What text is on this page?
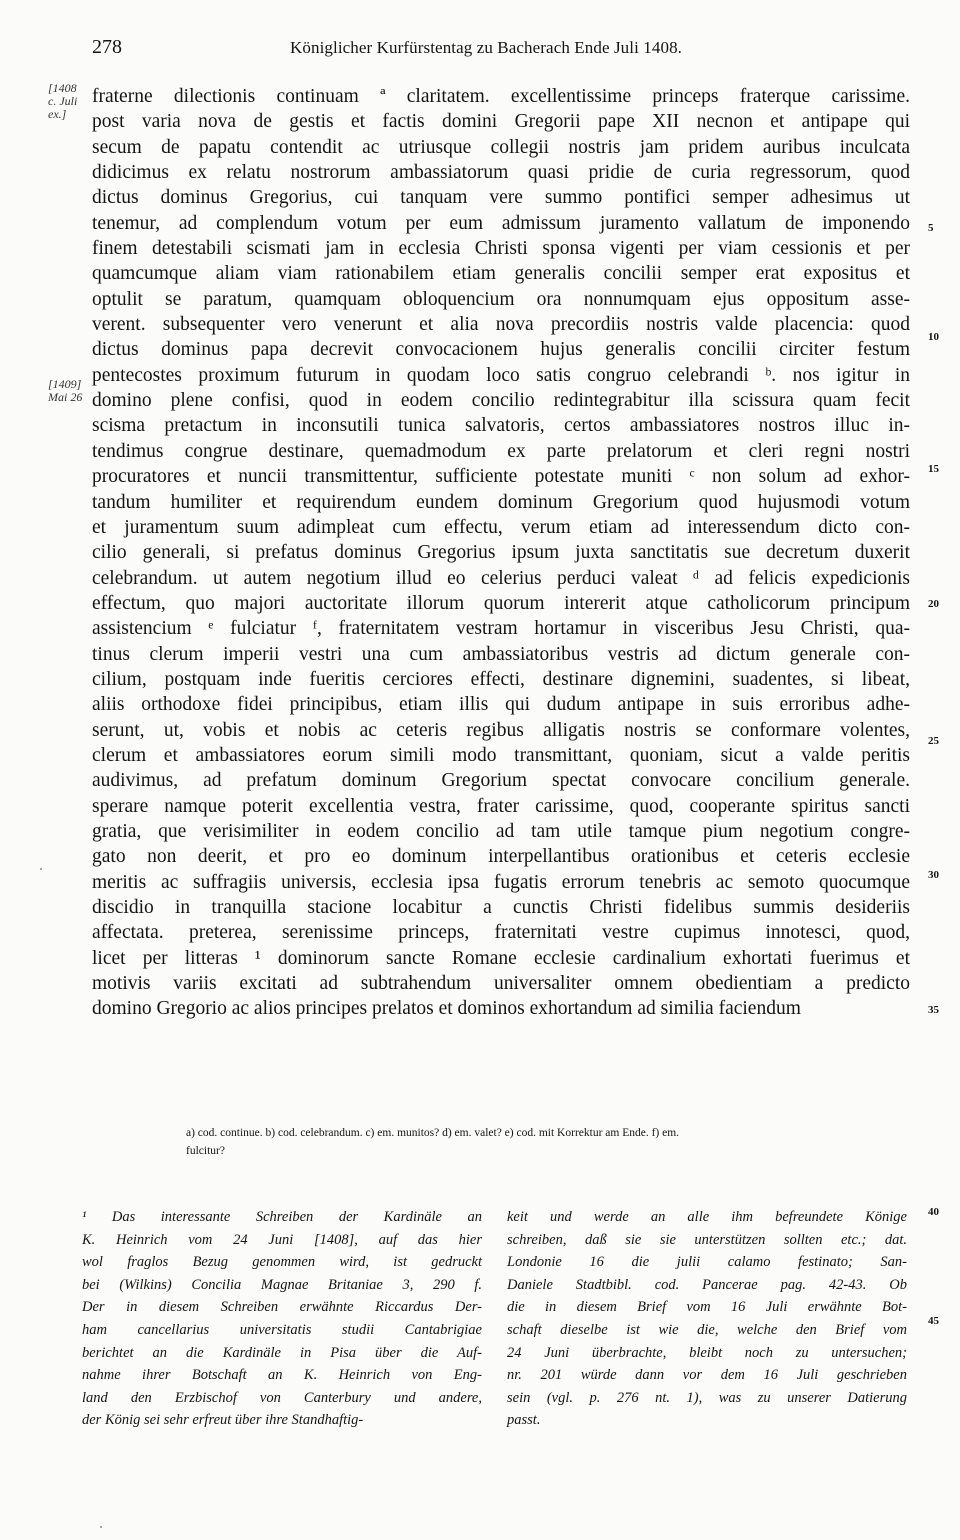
278	Königlicher Kurfürstentag zu Bacherach Ende Juli 1408.
[1408
c. Juli
ex.]
[1409]
Mai 26
fraterne dilectionis continuam ª claritatem. excellentissime princeps fraterque carissime.
post varia nova de gestis et factis domini Gregorii pape XII necnon et antipape qui
secum de papatu contendit ac utriusque collegii nostris jam pridem auribus inculcata
didicimus ex relatu nostrorum ambassiatorum quasi pridie de curia regressorum, quod
dictus dominus Gregorius, cui tanquam vere summo pontifici semper adhesimus ut
tenemur, ad complendum votum per eum admissum juramento vallatum de imponendo
finem detestabili scismati jam in ecclesia Christi sponsa vigenti per viam cessionis et per
quamcumque aliam viam rationabilem etiam generalis concilii semper erat expositus et
optulit se paratum, quamquam obloquencium ora nonnumquam ejus oppositum asse-
verent. subsequenter vero venerunt et alia nova precordiis nostris valde placencia: quod
dictus dominus papa decrevit convocacionem hujus generalis concilii circiter festum
pentecostes proximum futurum in quodam loco satis congruo celebrandi ᵇ. nos igitur in
domino plene confisi, quod in eodem concilio redintegrabitur illa scissura quam fecit
scisma pretactum in inconsutili tunica salvatoris, certos ambassiatores nostros illuc in-
tendimus congrue destinare, quemadmodum ex parte prelatorum et cleri regni nostri
procuratores et nuncii transmittentur, sufficiente potestate muniti ᶜ non solum ad exhor-
tandum humiliter et requirendum eundem dominum Gregorium quod hujusmodi votum
et juramentum suum adimpleat cum effectu, verum etiam ad interessendum dicto con-
cilio generali, si prefatus dominus Gregorius ipsum juxta sanctitatis sue decretum duxerit
celebrandum. ut autem negotium illud eo celerius perduci valeat ᵈ ad felicis expedicionis
effectum, quo majori auctoritate illorum quorum intererit atque catholicorum principum
assistencium ᵉ fulciatur ᶠ, fraternitatem vestram hortamur in visceribus Jesu Christi, qua-
tinus clerum imperii vestri una cum ambassiatoribus vestris ad dictum generale con-
cilium, postquam inde fueritis cerciores effecti, destinare dignemini, suadentes, si libeat,
aliis orthodoxe fidei principibus, etiam illis qui dudum antipape in suis erroribus adhe-
serunt, ut, vobis et nobis ac ceteris regibus alligatis nostris se conformare volentes,
clerum et ambassiatores eorum simili modo transmittant, quoniam, sicut a valde peritis
audivimus, ad prefatum dominum Gregorium spectat convocare concilium generale.
sperare namque poterit excellentia vestra, frater carissime, quod, cooperante spiritus sancti
gratia, que verisimiliter in eodem concilio ad tam utile tamque pium negotium congre-
gato non deerit, et pro eo dominum interpellantibus orationibus et ceteris ecclesie
meritis ac suffragiis universis, ecclesia ipsa fugatis errorum tenebris ac semoto quocumque
discidio in tranquilla stacione locabitur a cunctis Christi fidelibus summis desideriis
affectata. preterea, serenissime princeps, fraternitati vestre cupimus innotesci, quod,
licet per litteras ¹ dominorum sancte Romane ecclesie cardinalium exhortati fuerimus et
motivis variis excitati ad subtrahendum universaliter omnem obedientiam a predicto
domino Gregorio ac alios principes prelatos et dominos exhortandum ad similia faciendum
5
10
15
20
25
30
35
40
45
a) cod. continue. b) cod. celebrandum. c) em. munitos? d) em. valet? e) cod. mit Korrektur am Ende. f) em.
fulcitur?
¹ Das interessante Schreiben der Kardinäle an
K. Heinrich vom 24 Juni [1408], auf das hier
wol fraglos Bezug genommen wird, ist gedruckt
bei (Wilkins) Concilia Magnae Britaniae 3, 290 f.
Der in diesem Schreiben erwähnte Riccardus Der-
ham cancellarius universitatis studii Cantabrigiae
berichtet an die Kardinäle in Pisa über die Auf-
nahme ihrer Botschaft an K. Heinrich von Eng-
land den Erzbischof von Canterbury und andere,
der König sei sehr erfreut über ihre Standhaftig-
keit und werde an alle ihm befreundete Könige
schreiben, daß sie sie unterstützen sollten etc.; dat.
Londonie 16 die julii calamo festinato; San-
Daniele Stadtbibl. cod. Pancerae pag. 42-43. Ob
die in diesem Brief vom 16 Juli erwähnte Bot-
schaft dieselbe ist wie die, welche den Brief vom
24 Juni überbrachte, bleibt noch zu untersuchen;
nr. 201 würde dann vor dem 16 Juli geschrieben
sein (vgl. p. 276 nt. 1), was zu unserer Datierung
passt.
